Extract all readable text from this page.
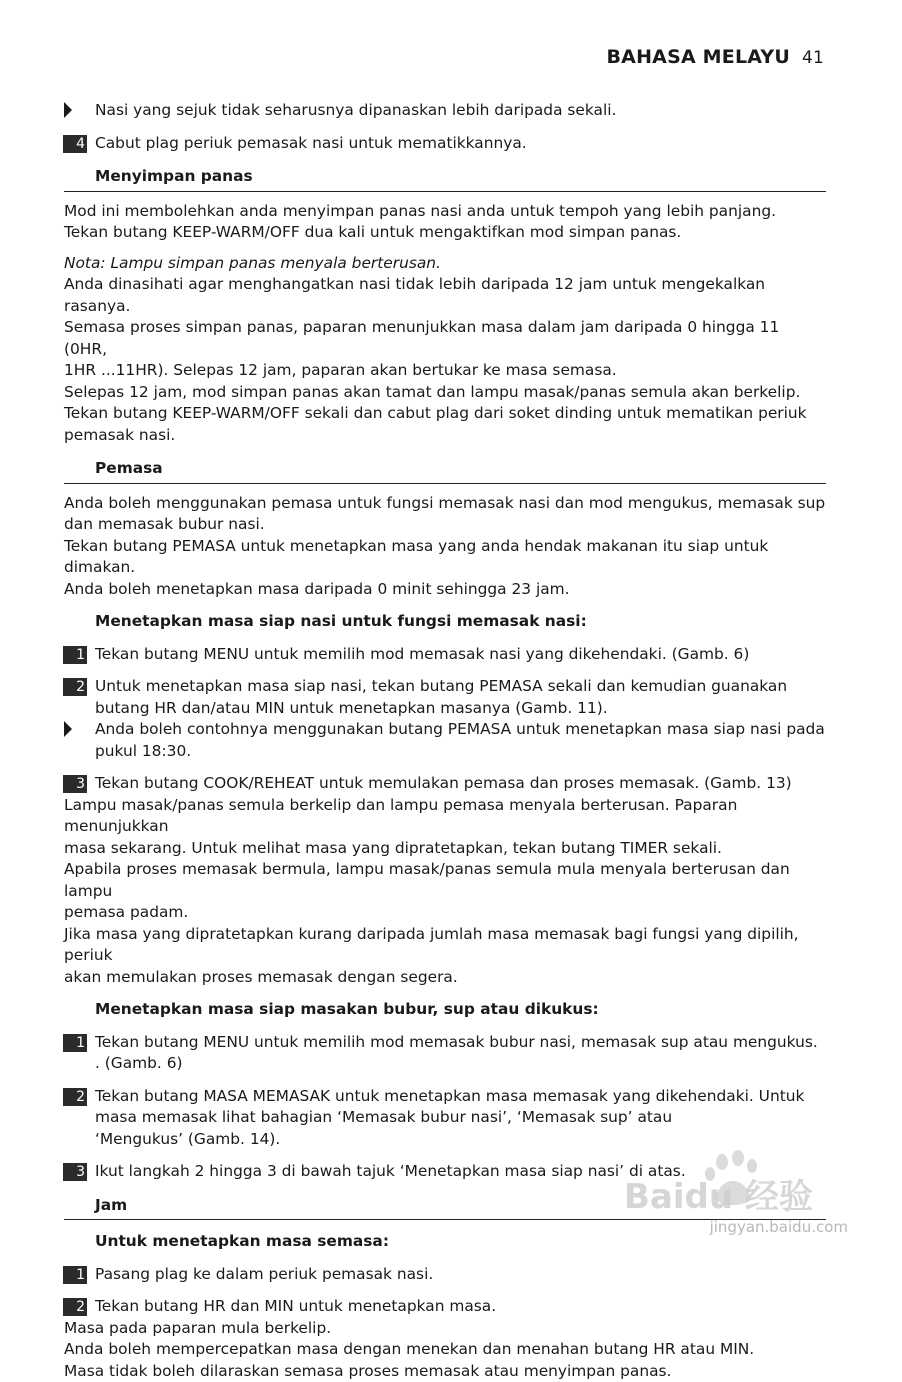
BAHASA MELAYU 41
Nasi yang sejuk tidak seharusnya dipanaskan lebih daripada sekali.
4 Cabut plag periuk pemasak nasi untuk mematikkannya.
Menyimpan panas
Mod ini membolehkan anda menyimpan panas nasi anda untuk tempoh yang lebih panjang.
Tekan butang KEEP-WARM/OFF dua kali untuk mengaktifkan mod simpan panas.
Nota: Lampu simpan panas menyala berterusan.
Anda dinasihati agar menghangatkan nasi tidak lebih daripada 12 jam untuk mengekalkan rasanya.
Semasa proses simpan panas, paparan menunjukkan masa dalam jam daripada 0 hingga 11 (0HR,
1HR ...11HR). Selepas 12 jam, paparan akan bertukar ke masa semasa.
Selepas 12 jam, mod simpan panas akan tamat dan lampu masak/panas semula akan berkelip.
Tekan butang KEEP-WARM/OFF sekali dan cabut plag dari soket dinding untuk mematikan periuk
pemasak nasi.
Pemasa
Anda boleh menggunakan pemasa untuk fungsi memasak nasi dan mod mengukus, memasak sup
dan memasak bubur nasi.
Tekan butang PEMASA untuk menetapkan masa yang anda hendak makanan itu siap untuk dimakan.
Anda boleh menetapkan masa daripada 0 minit sehingga 23 jam.
Menetapkan masa siap nasi untuk fungsi memasak nasi:
1 Tekan butang MENU untuk memilih mod memasak nasi yang dikehendaki. (Gamb. 6)
2 Untuk menetapkan masa siap nasi, tekan butang PEMASA sekali dan kemudian guanakan
butang HR dan/atau MIN untuk menetapkan masanya (Gamb. 11).
Anda boleh contohnya menggunakan butang PEMASA untuk menetapkan masa siap nasi pada
pukul 18:30.
3 Tekan butang COOK/REHEAT untuk memulakan pemasa dan proses memasak. (Gamb. 13)
Lampu masak/panas semula berkelip dan lampu pemasa menyala berterusan. Paparan menunjukkan
masa sekarang. Untuk melihat masa yang dipratetapkan, tekan butang TIMER sekali.
Apabila proses memasak bermula, lampu masak/panas semula mula menyala berterusan dan lampu
pemasa padam.
Jika masa yang dipratetapkan kurang daripada jumlah masa memasak bagi fungsi yang dipilih, periuk
akan memulakan proses memasak dengan segera.
Menetapkan masa siap masakan bubur, sup atau dikukus:
1 Tekan butang MENU untuk memilih mod memasak bubur nasi, memasak sup atau mengukus.
. (Gamb. 6)
2 Tekan butang MASA MEMASAK untuk menetapkan masa memasak yang dikehendaki. Untuk
masa memasak lihat bahagian ‘Memasak bubur nasi’, ‘Memasak sup’ atau
‘Mengukus’ (Gamb. 14).
3 Ikut langkah 2 hingga 3 di bawah tajuk ‘Menetapkan masa siap nasi’ di atas.
Jam
Untuk menetapkan masa semasa:
1 Pasang plag ke dalam periuk pemasak nasi.
2 Tekan butang HR dan MIN untuk menetapkan masa.
Masa pada paparan mula berkelip.
Anda boleh mempercepatkan masa dengan menekan dan menahan butang HR atau MIN.
Masa tidak boleh dilaraskan semasa proses memasak atau menyimpan panas.
Baidu 经验
jingyan.baidu.com
